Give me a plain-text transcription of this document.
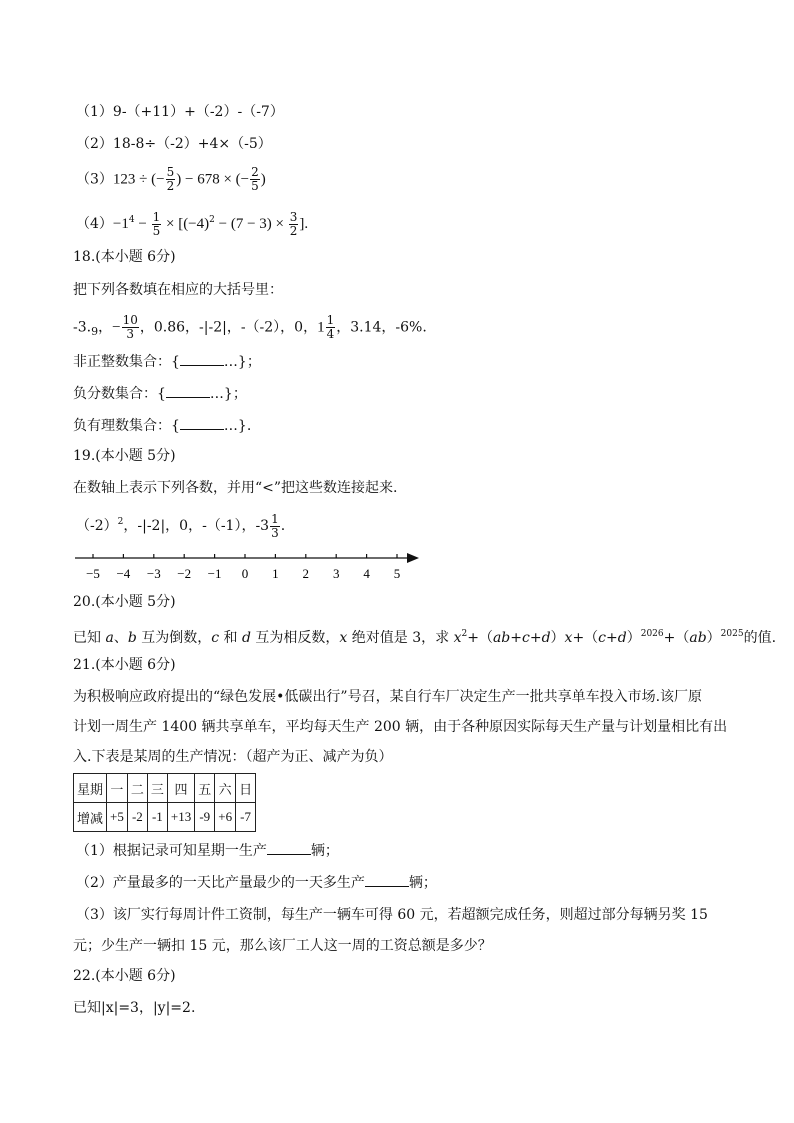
（1）9-（+11）+（-2）-（-7）
（2）18-8÷（-2）+4×（-5）
（3）123 ÷ (− $\frac{5}{2}$ ) − 678 × (− $\frac{2}{5}$ )
$(4)-1^4 - \frac{1}{5} \times [(-4)^2 - (7 - 3) \times \frac{3}{2}$ ].
18.(本小题 6分)
把下列各数填在相应的大括号里：
$-3._9$，− $\frac{10}{3}$ ，0.86，-|-2|，-（-2），0，$1 \frac{1}{4}$ ，3.14，-6%.
非正整数集合：{	…}；
负分数集合：{	…}；
负有理数集合：{	…}.
19.(本小题 5分)
在数轴上表示下列各数，并用“<”把这些数连接起来.
$(-2)^2$，-|-2|，0，-（-1），$-3 \frac{1}{3}$ .
−5 −4 −3 −2 −1 0 1 2 3 4 5
20.(本小题 5分)
已知 a、b 互为倒数，c 和 d 互为相反数，x 绝对值是 3，求 $x^2+(ab+c+d)x+(c+d)^{2026}+(ab)^{2025}$的值.
21.(本小题 6分)
为积极响应政府提出的“绿色发展•低碳出行”号召，某自行车厂决定生产一批共享单车投入市场.该厂原
计划一周生产 1400 辆共享单车，平均每天生产 200 辆，由于各种原因实际每天生产量与计划量相比有出
入.下表是某周的生产情况：（超产为正、减产为负）
星期	一	二	三	四	五	六	日
增减	+5	-2	-1	+13	-9	+6	-7
（1）根据记录可知星期一生产	辆；
（2）产量最多的一天比产量最少的一天多生产	辆；
（3）该厂实行每周计件工资制，每生产一辆车可得 60 元，若超额完成任务，则超过部分每辆另奖 15
元；少生产一辆扣 15 元，那么该厂工人这一周的工资总额是多少？
22.(本小题 6分)
已知|x|=3，|y|=2.
